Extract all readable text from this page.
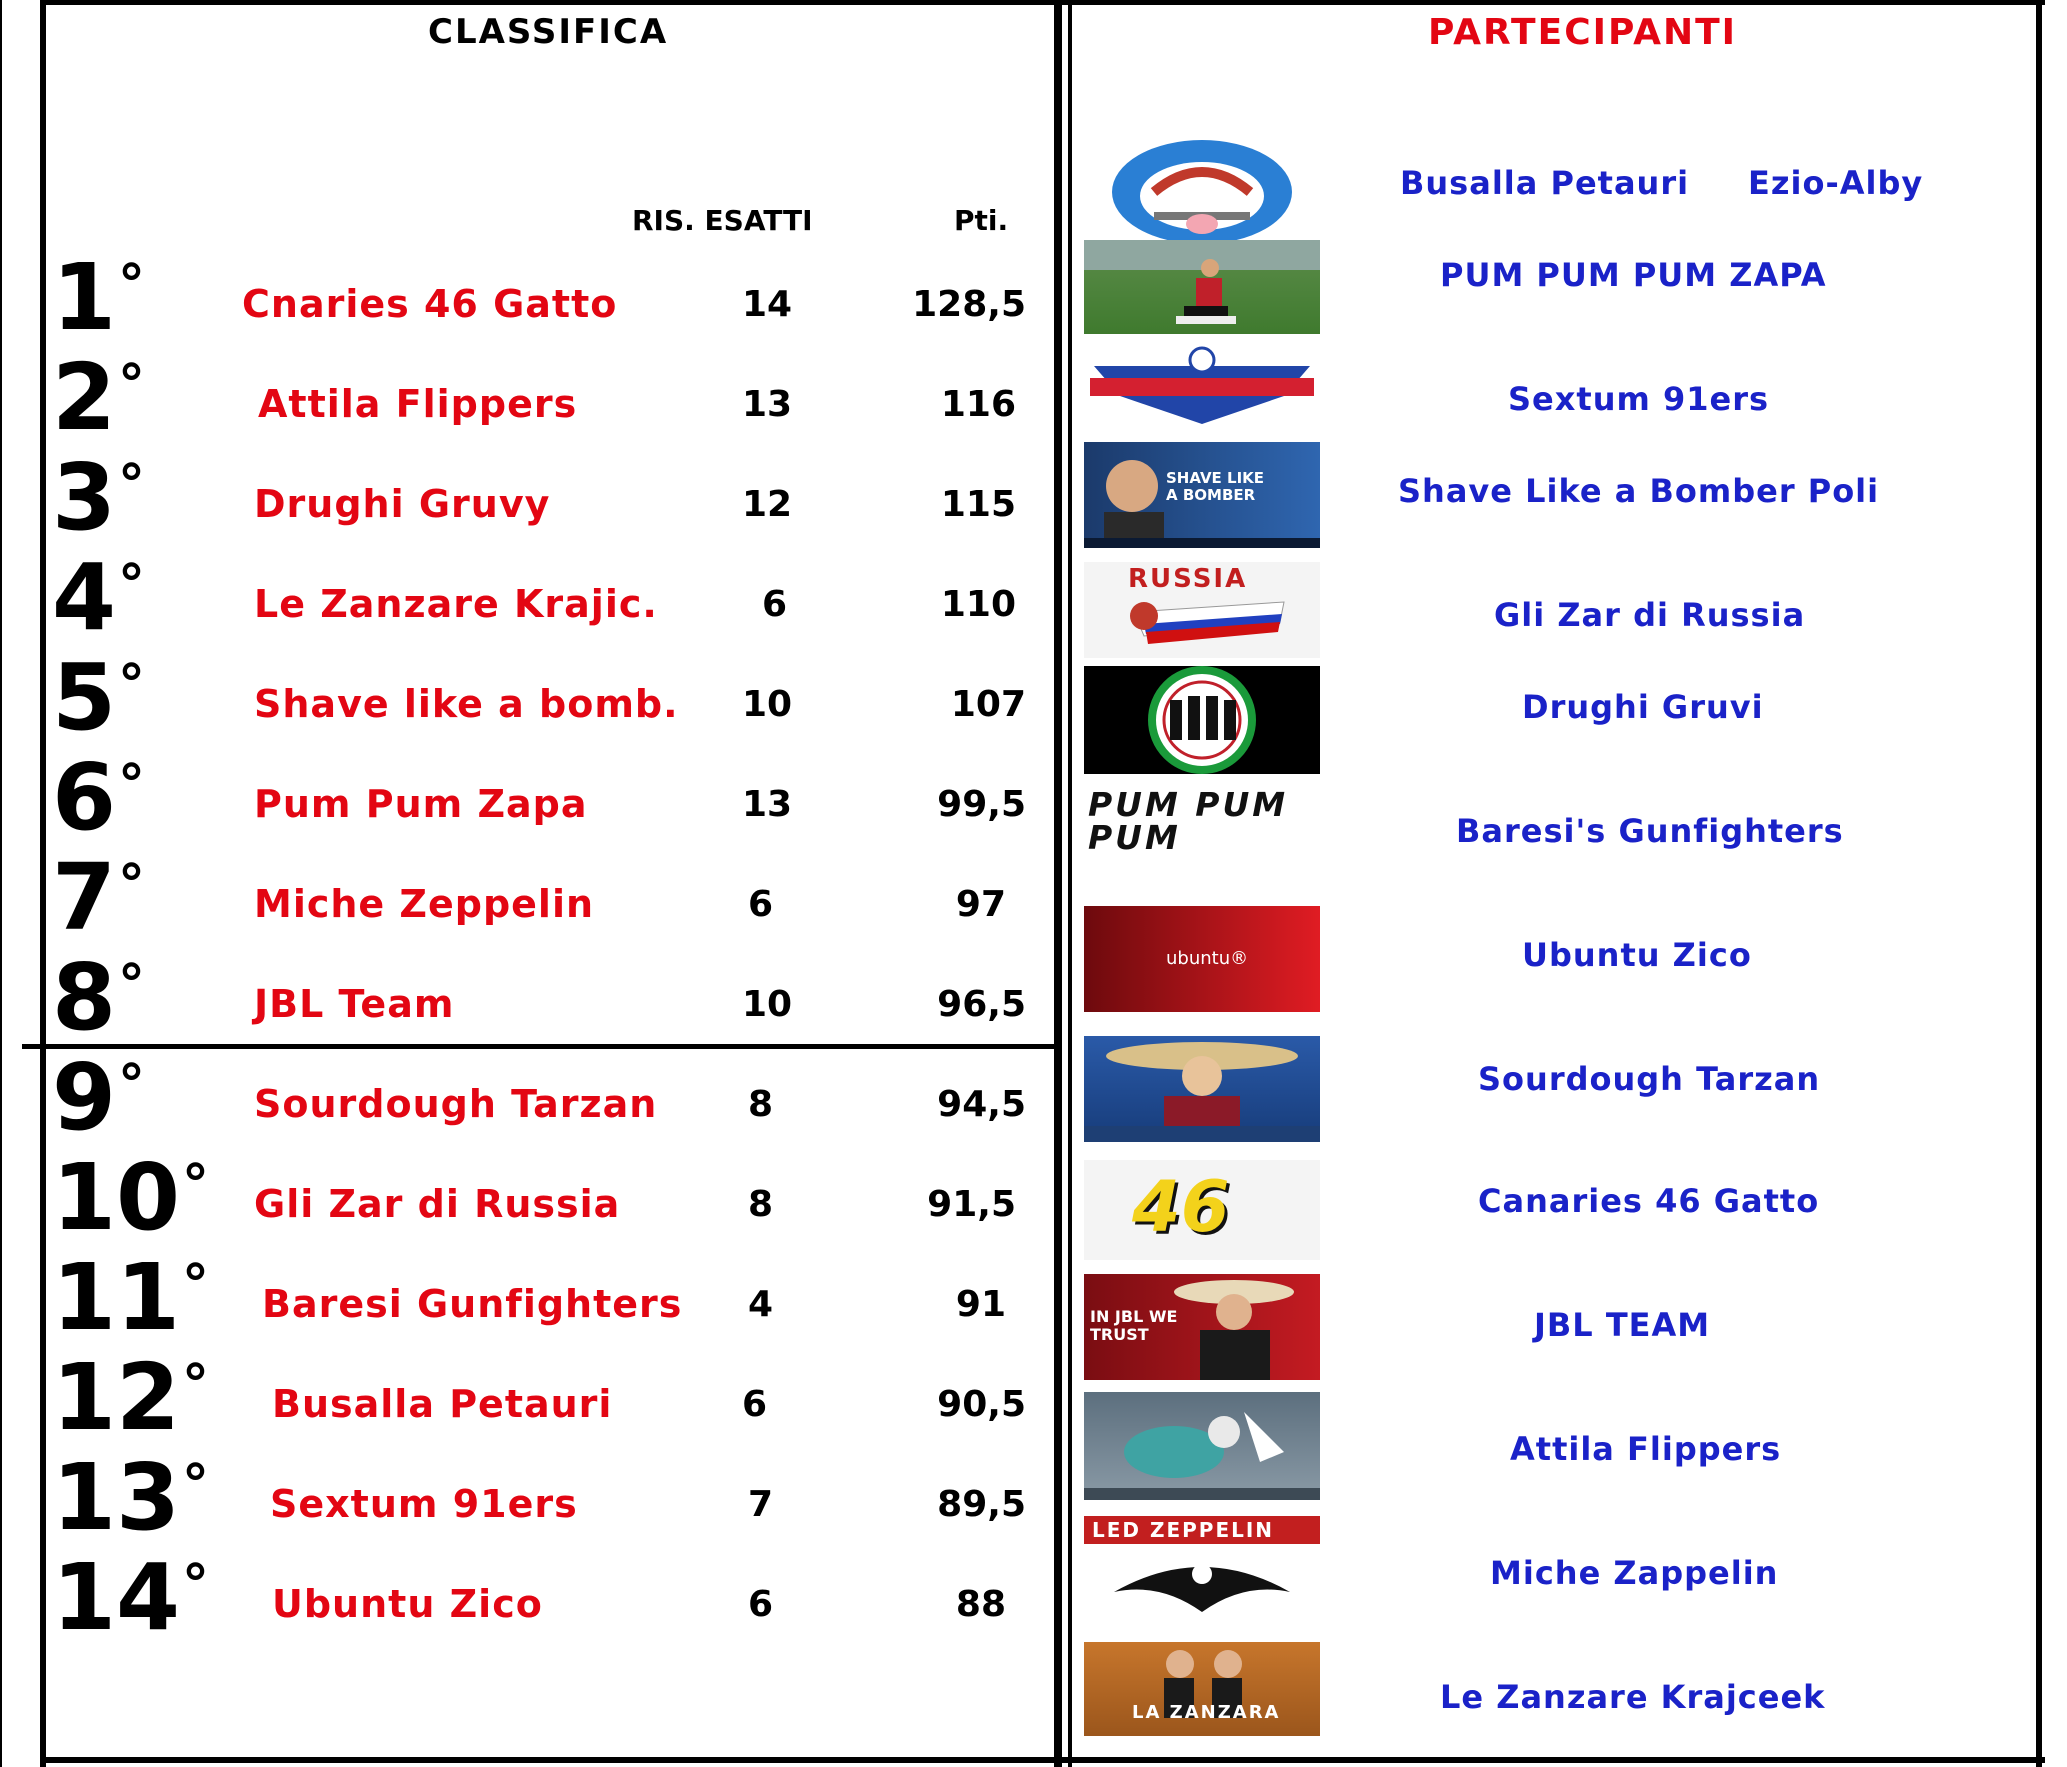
CLASSIFICA	PARTECIPANTI
RIS. ESATTI	Pti.
1°	Cnaries 46 Gatto	14	128,5
2°	Attila Flippers	13	116
3°	Drughi Gruvy	12	115
4°	Le Zanzare Krajic.	6	110
5°	Shave like a bomb. 10	107
6°	Pum Pum Zapa	13	99,5
7°	Miche Zeppelin	6	97
8°	JBL Team	10	96,5
9°	Sourdough Tarzan	8	94,5
10° Gli Zar di Russia	8	91,5
11° Baresi Gunfighters 4	91
12° Busalla Petauri	6	90,5
13° Sextum 91ers	7	89,5
14° Ubuntu Zico	6	88
SHAVE LIKE A BOMBER
RUSSIA
PUM PUM PUM
ubuntu®
46
IN JBL WE TRUST
LED ZEPPELIN
LA ZANZARA
Busalla Petauri Ezio-Alby
PUM PUM PUM ZAPA
Sextum 91ers
Shave Like a Bomber Poli
Gli Zar di Russia
Drughi Gruvi
Baresi's Gunfighters
Ubuntu Zico
Sourdough Tarzan
Canaries 46 Gatto
JBL TEAM
Attila Flippers
Miche Zappelin
Le Zanzare Krajceek
